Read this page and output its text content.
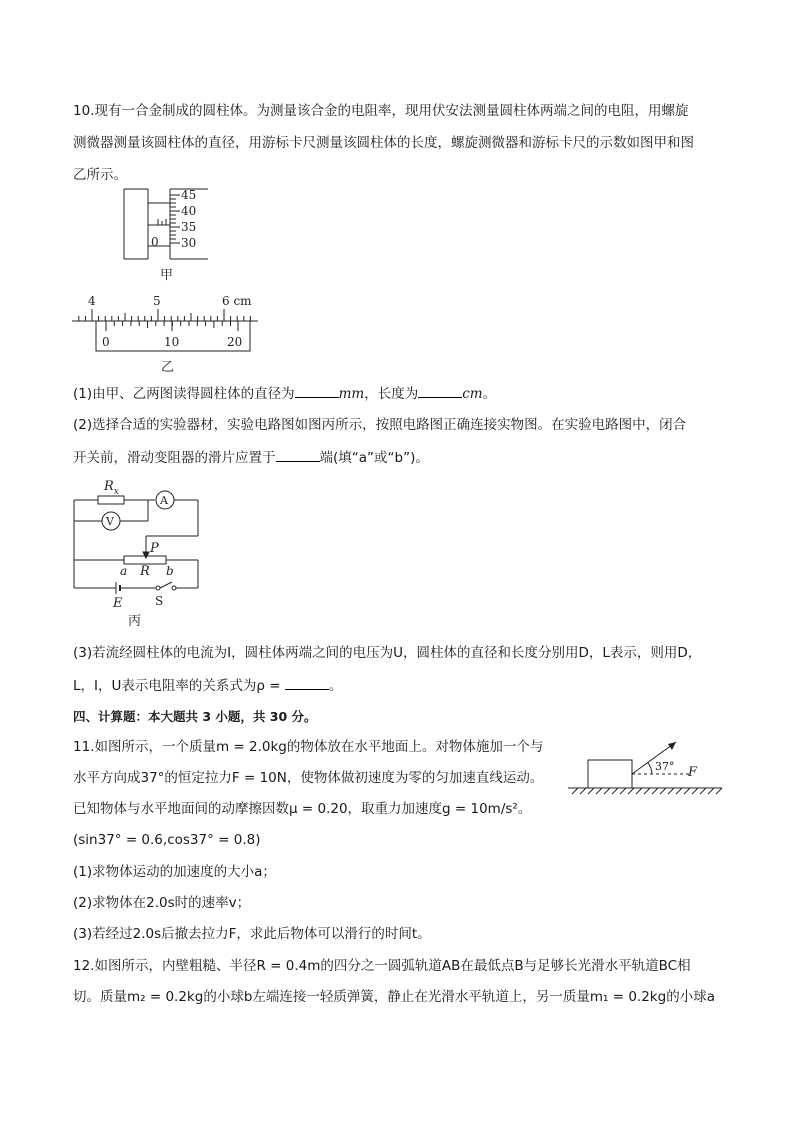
10.现有一合金制成的圆柱体。为测量该合金的电阻率，现用伏安法测量圆柱体两端之间的电阻，用螺旋
测微器测量该圆柱体的直径，用游标卡尺测量该圆柱体的长度，螺旋测微器和游标卡尺的示数如图甲和图
乙所示。
45
40
35
30
0
甲
4	5	6 cm
0	10	20
乙
(1)由甲、乙两图读得圆柱体的直径为	mm，长度为	cm。
(2)选择合适的实验器材，实验电路图如图丙所示，按照电路图正确连接实物图。在实验电路图中，闭合
开关前，滑动变阻器的滑片应置于	端(填“a”或“b”)。
$R_x$
A
V
P
a R b
E	S
丙
(3)若流经圆柱体的电流为I，圆柱体两端之间的电压为U，圆柱体的直径和长度分别用D，L表示，则用D，
L，I，U表示电阻率的关系式为ρ =	。
四、计算题：本大题共 3 小题，共 30 分。
11.如图所示，一个质量m = 2.0kg的物体放在水平地面上。对物体施加一个与
水平方向成37°的恒定拉力F = 10N，使物体做初速度为零的匀加速直线运动。
已知物体与水平地面间的动摩擦因数μ = 0.20，取重力加速度g = 10m/s²。
(sin37° = 0.6,cos37° = 0.8)
(1)求物体运动的加速度的大小a；
(2)求物体在2.0s时的速率v；
(3)若经过2.0s后撤去拉力F，求此后物体可以滑行的时间t。
37° F
12.如图所示，内壁粗糙、半径R = 0.4m的四分之一圆弧轨道AB在最低点B与足够长光滑水平轨道BC相
切。质量m₂ = 0.2kg的小球b左端连接一轻质弹簧，静止在光滑水平轨道上，另一质量m₁ = 0.2kg的小球a
